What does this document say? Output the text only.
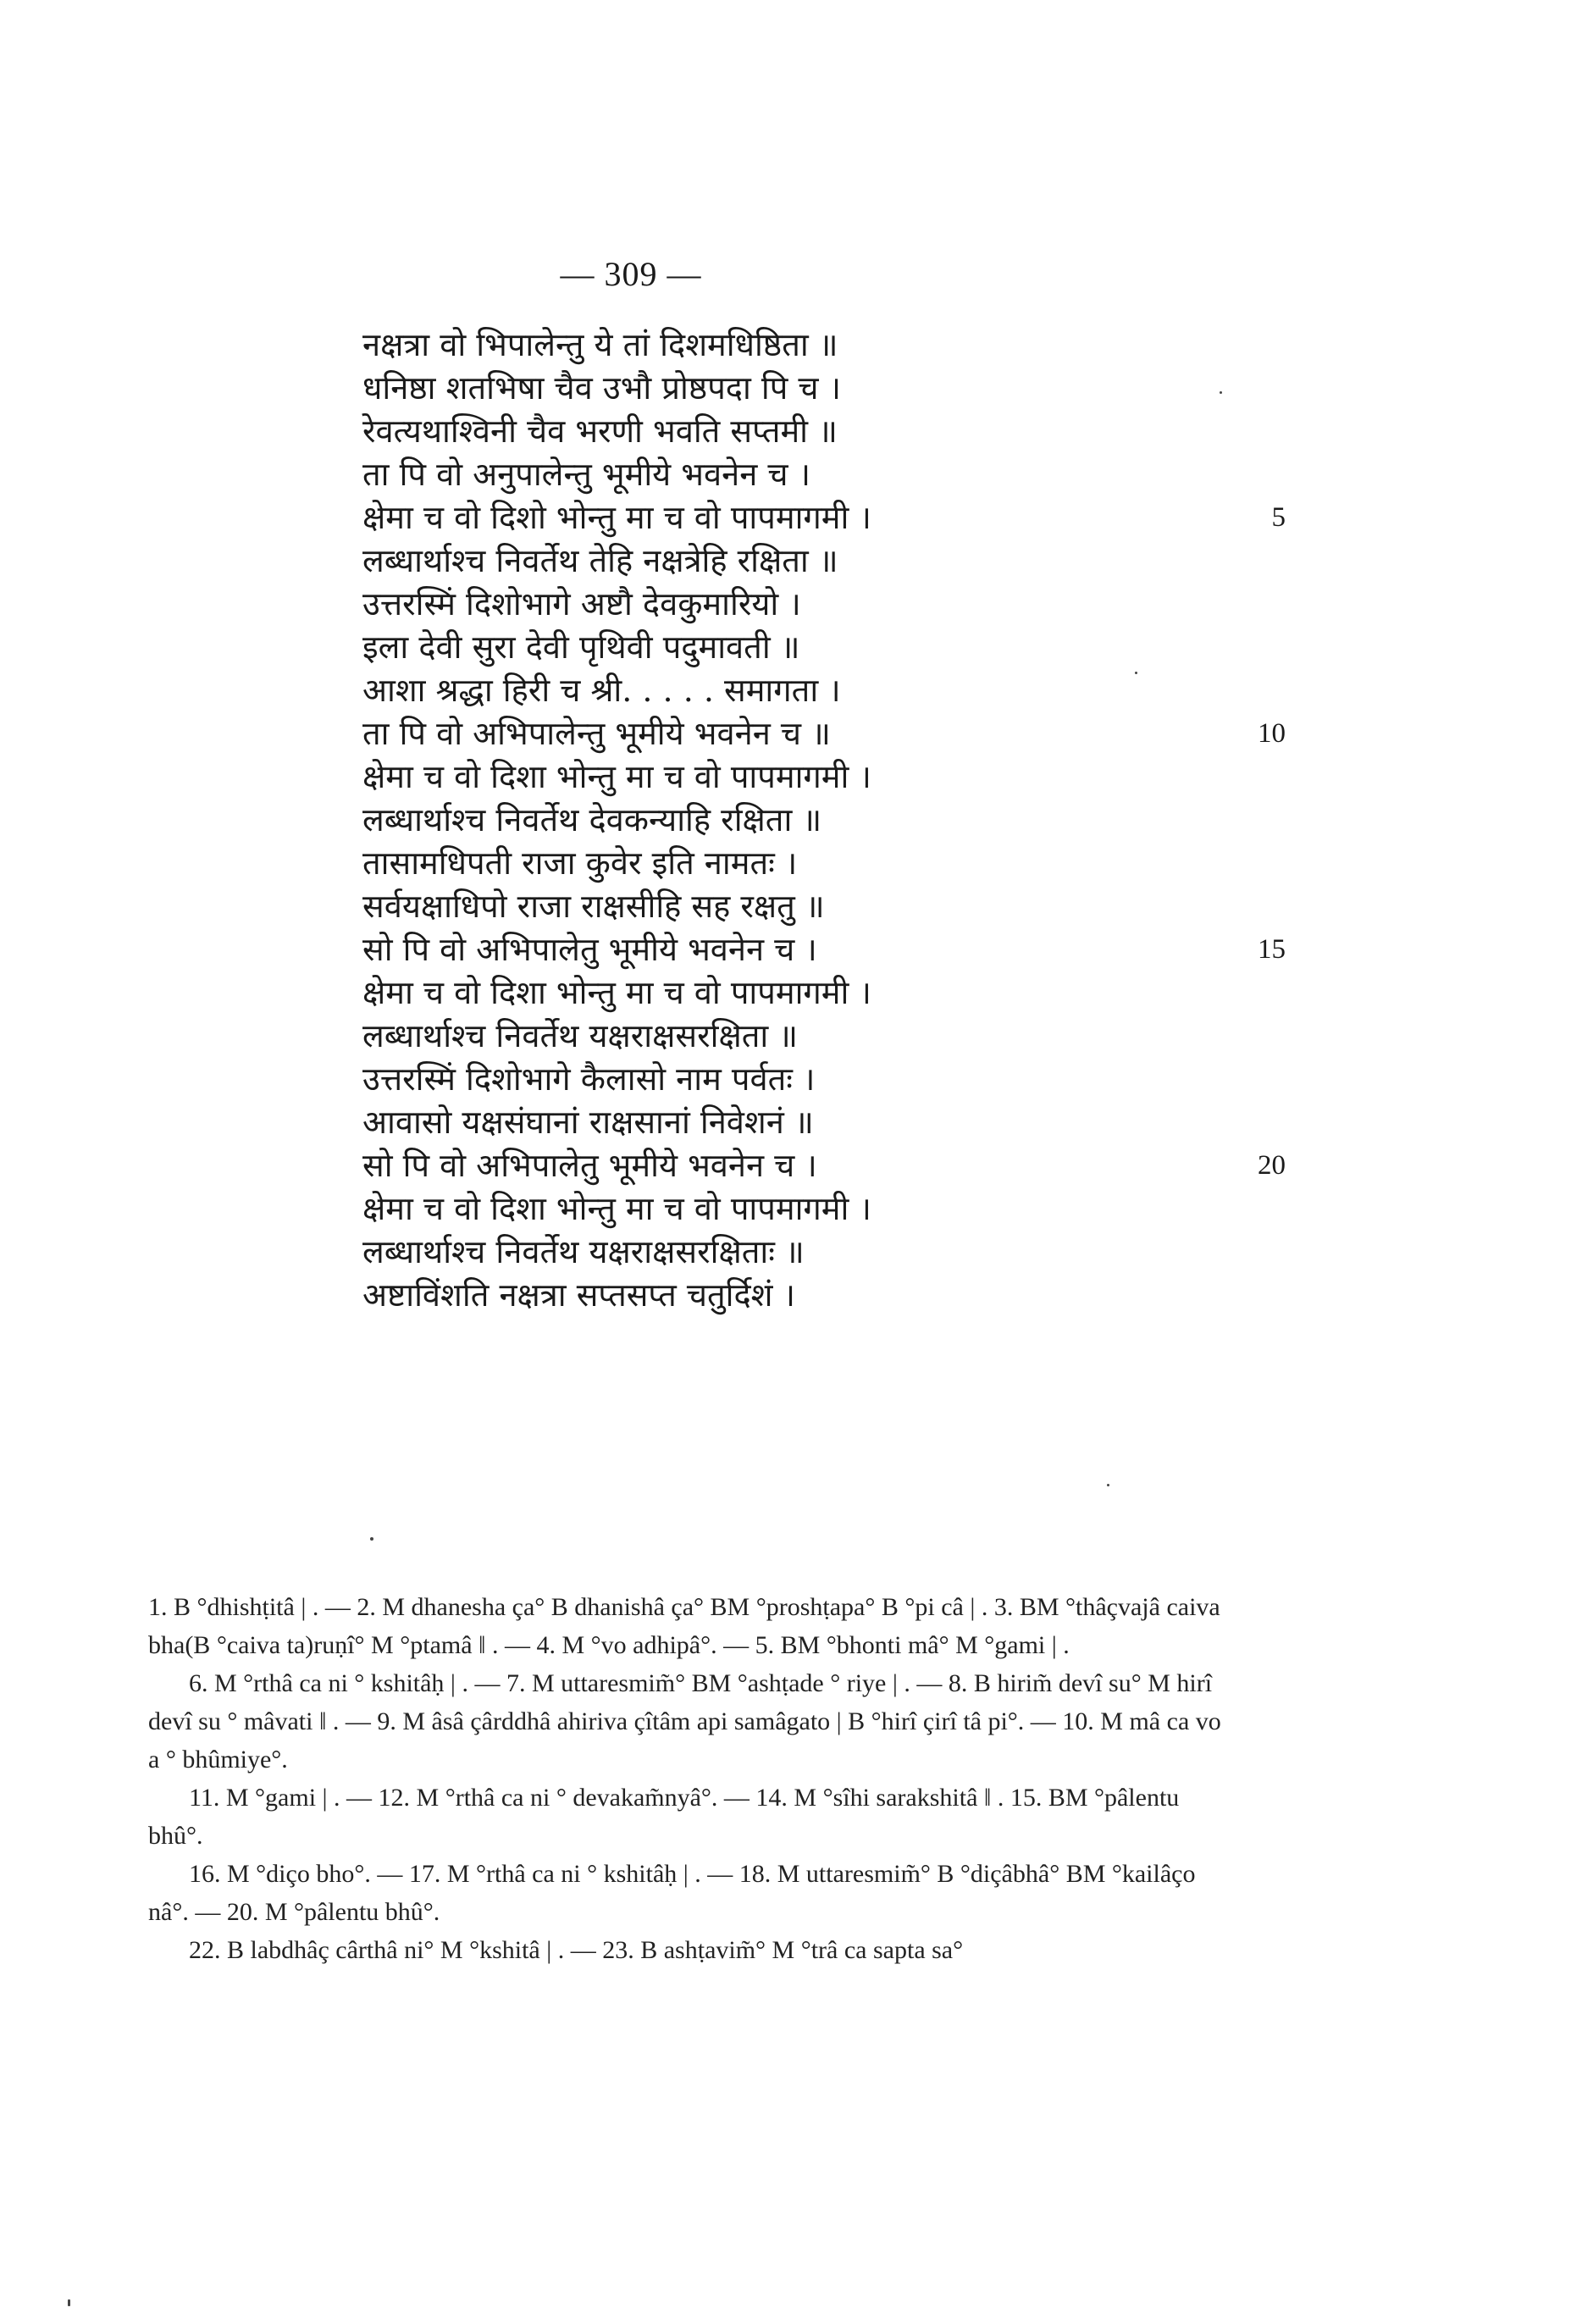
— 309 —
नक्षत्रा वो भिपालेन्तु ये तां दिशमधिष्ठिता ॥
धनिष्ठा शतभिषा चैव उभौ प्रोष्ठपदा पि च ।
रेवत्यथाश्विनी चैव भरणी भवति सप्तमी ॥
ता पि वो अनुपालेन्तु भूमीये भवनेन च ।
क्षेमा च वो दिशो भोन्तु मा च वो पापमागमी ।	5
लब्धार्थाश्च निवर्तेथ तेहि नक्षत्रेहि रक्षिता ॥
उत्तरस्मिं दिशोभागे अष्टौ देवकुमारियो ।
इला देवी सुरा देवी पृथिवी पदुमावती ॥
आशा श्रद्धा हिरी च श्री. . . . . समागता ।
ता पि वो अभिपालेन्तु भूमीये भवनेन च ॥	10
क्षेमा च वो दिशा भोन्तु मा च वो पापमागमी ।
लब्धार्थाश्च निवर्तेथ देवकन्याहि रक्षिता ॥
तासामधिपती राजा कुवेर इति नामतः ।
सर्वयक्षाधिपो राजा राक्षसीहि सह रक्षतु ॥
सो पि वो अभिपालेतु भूमीये भवनेन च ।	15
क्षेमा च वो दिशा भोन्तु मा च वो पापमागमी ।
लब्धार्थाश्च निवर्तेथ यक्षराक्षसरक्षिता ॥
उत्तरस्मिं दिशोभागे कैलासो नाम पर्वतः ।
आवासो यक्षसंघानां राक्षसानां निवेशनं ॥
सो पि वो अभिपालेतु भूमीये भवनेन च ।	20
क्षेमा च वो दिशा भोन्तु मा च वो पापमागमी ।
लब्धार्थाश्च निवर्तेथ यक्षराक्षसरक्षिताः ॥
अष्टाविंशति नक्षत्रा सप्तसप्त चतुर्दिशं ।

1. B °dhishṭitâ | . — 2. M dhanesha ça° B dhanishâ ça° BM °proshṭapa° B °pi câ | . 3. BM °thâçvajâ caiva bha(B °caiva ta)ruṇî° M °ptamâ ‖ . — 4. M °vo adhipâ°. — 5. BM °bhonti mâ° M °gami | .

6. M °rthâ ca ni ° kshitâḥ | . — 7. M uttaresmim̃° BM °ashṭade ° riye | . — 8. B hirim̃ devî su° M hirî devî su ° mâvati ‖ . — 9. M âsâ çârddhâ ahiriva çîtâm api samâgato | B °hirî çirî tâ pi°. — 10. M mâ ca vo a ° bhûmiye°.

11. M °gami | . — 12. M °rthâ ca ni ° devakam̃nyâ°. — 14. M °sîhi sarakshitâ ‖ . 15. BM °pâlentu bhû°.

16. M °diço bho°. — 17. M °rthâ ca ni ° kshitâḥ | . — 18. M uttaresmim̃° B °diçâbhâ° BM °kailâço nâ°. — 20. M °pâlentu bhû°.

22. B labdhâç cârthâ ni° M °kshitâ | . — 23. B ashṭavim̃° M °trâ ca sapta sa°
